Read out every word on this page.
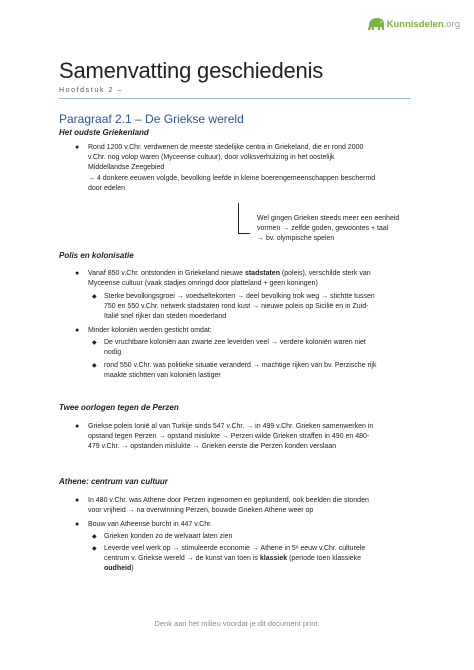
Kunnisdelen.org
Samenvatting geschiedenis
Hoofdstuk 2 –
Paragraaf 2.1 – De Griekse wereld
Het oudste Griekenland
● Rond 1200 v.Chr. verdwenen de meeste stedelijke centra in Griekeland, die er rond 2000
v.Chr. nog volop waren (Myceense cultuur), door volksverhuizing in het oostelijk
Middellandse Zeegebied
→ 4 donkere eeuwen volgde, bevolking leefde in kleine boerengemeenschappen beschermd
door edelen
Wel gingen Grieken steeds meer een eenheid
vormen → zelfde goden, gewoontes + taal
→ bv. olympische spelen
Polis en kolonisatie
● Vanaf 850 v.Chr. ontstonden in Griekeland nieuwe stadstaten (poleis), verschilde sterk van
Myceense cultuur (vaak stadjes omringd door platteland + geen koningen)
◆ Sterke bevolkingsgroei → voedseltekorten → deel bevolking trok weg → stichtte tussen
750 en 550 v.Chr. netwerk stadstaten rond kust → nieuwe poleis op Sicilië en in Zuid-
Italië snel rijker dan steden moederland
● Minder koloniën werden gesticht omdat:
◆ De vruchtbare koloniën aan zwarte zee leverden veel → verdere koloniën waren niet
nodig
◆ rond 550 v.Chr. was politieke situatie veranderd → machtige rijken van bv. Perzische rijk
maakte stichtten van koloniën lastiger
Twee oorlogen tegen de Perzen
● Griekse poleis Ionië al van Turkije sinds 547 v.Chr. → in 499 v.Chr. Grieken samenwerken in
opstand tegen Perzen → opstand mislukte → Perzen wilde Grieken straffen in 490 en 480-
479 v.Chr. → opstanden mislukte → Grieken eerste die Perzen konden verslaan
Athene: centrum van cultuur
● In 480 v.Chr. was Athene door Perzen ingenomen en geplunderd, ook beelden die stonden
voor vrijheid → na overwinning Perzen, bouwde Grieken Athene weer op
● Bouw van Atheense burcht in 447 v.Chr.
◆ Grieken konden zo de welvaart laten zien
◆ Leverde veel werk op → stimuleerde economie → Athene in 5ᵉ eeuw v.Chr. culturele
centrum v. Griekse wereld → de kunst van toen is klassiek (periode toen klassieke
oudheid)
Denk aan het milieu voordat je dit document print.
